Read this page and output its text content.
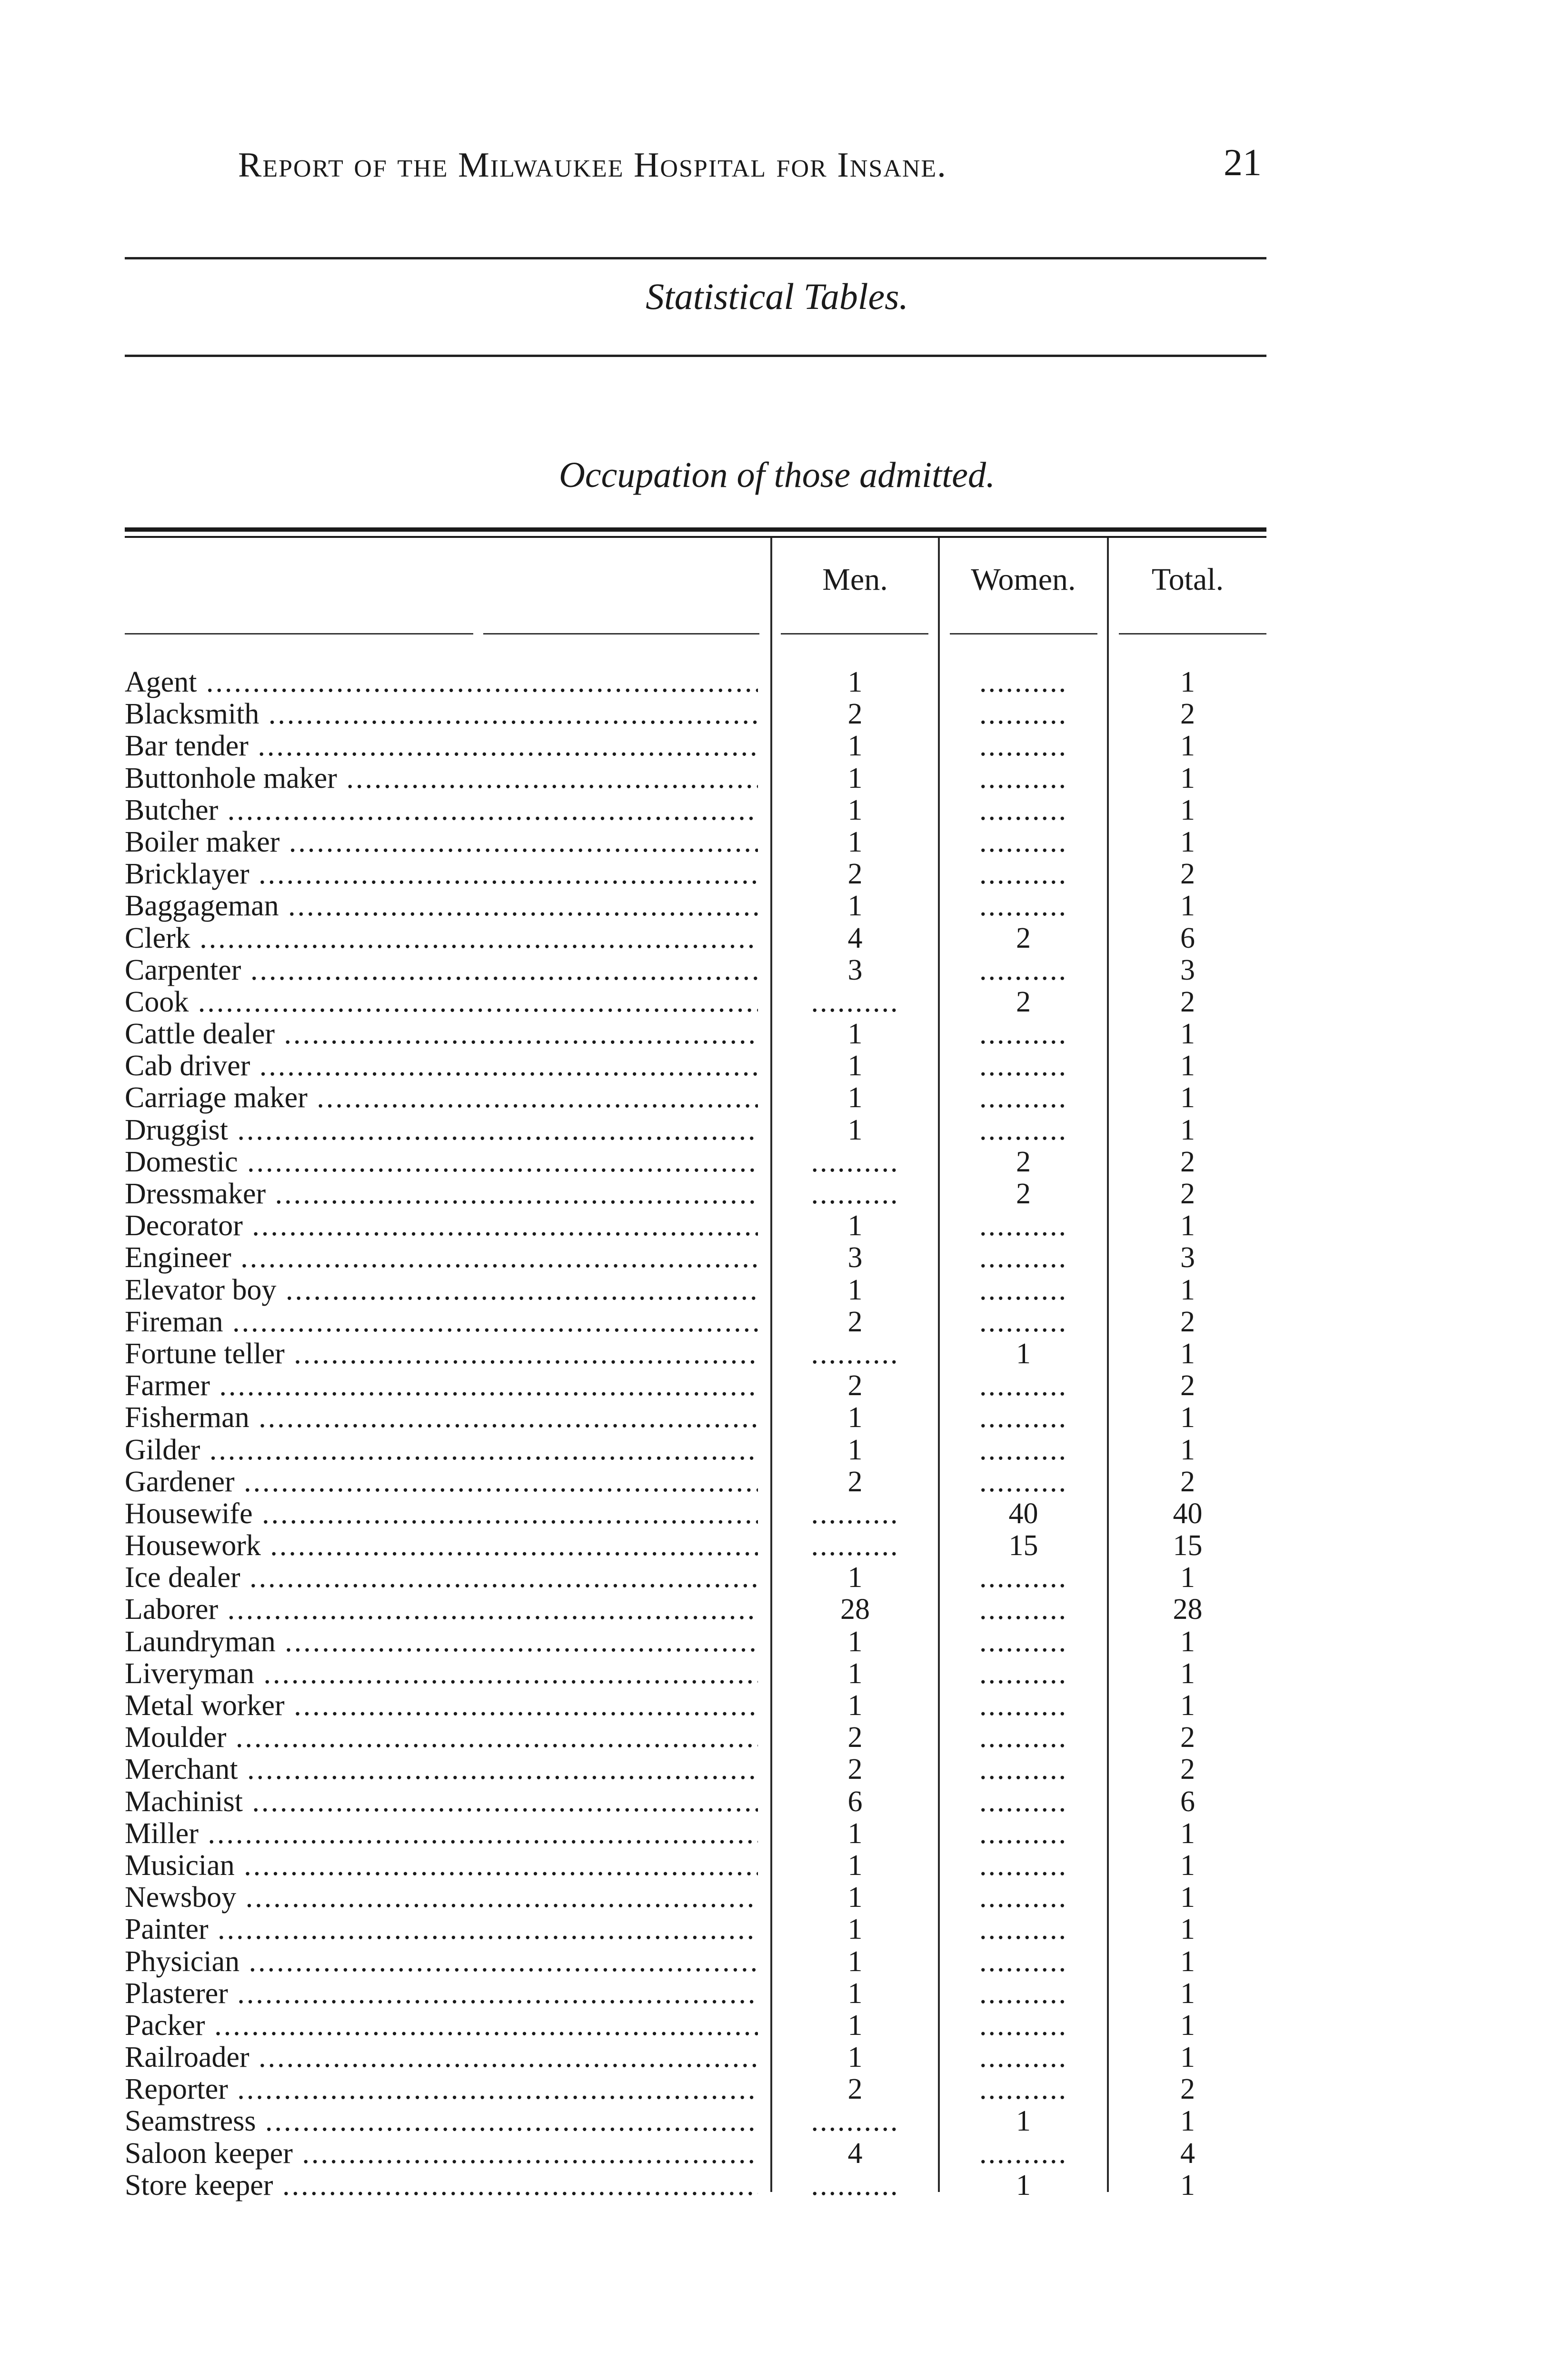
Report of the Milwaukee Hospital for Insane.	21
Statistical Tables.
Occupation of those admitted.
Men.	Women.	Total.
Agent .....	1	..........	1
Blacksmith .....	2	..........	2
Bar tender .....	1	..........	1
Buttonhole maker .....	1	..........	1
Butcher .....	1	..........	1
Boiler maker .....	1	..........	1
Bricklayer .....	2	..........	2
Baggageman .....	1	..........	1
Clerk .....	4	2	6
Carpenter .....	3	..........	3
Cook .....	..........	2	2
Cattle dealer .....	1	..........	1
Cab driver .....	1	..........	1
Carriage maker .....	1	..........	1
Druggist .....	1	..........	1
Domestic .....	..........	2	2
Dressmaker .....	..........	2	2
Decorator .....	1	..........	1
Engineer .....	3	..........	3
Elevator boy .....	1	..........	1
Fireman .....	2	..........	2
Fortune teller .....	..........	1	1
Farmer .....	2	..........	2
Fisherman .....	1	..........	1
Gilder .....	1	..........	1
Gardener .....	2	..........	2
Housewife .....	..........	40	40
Housework .....	..........	15	15
Ice dealer .....	1	..........	1
Laborer .....	28	..........	28
Laundryman .....	1	..........	1
Liveryman .....	1	..........	1
Metal worker .....	1	..........	1
Moulder .....	2	..........	2
Merchant .....	2	..........	2
Machinist .....	6	..........	6
Miller .....	1	..........	1
Musician .....	1	..........	1
Newsboy .....	1	..........	1
Painter .....	1	..........	1
Physician .....	1	..........	1
Plasterer .....	1	..........	1
Packer .....	1	..........	1
Railroader .....	1	..........	1
Reporter .....	2	..........	2
Seamstress .....	..........	1	1
Saloon keeper .....	4	..........	4
Store keeper .....	..........	1	1
